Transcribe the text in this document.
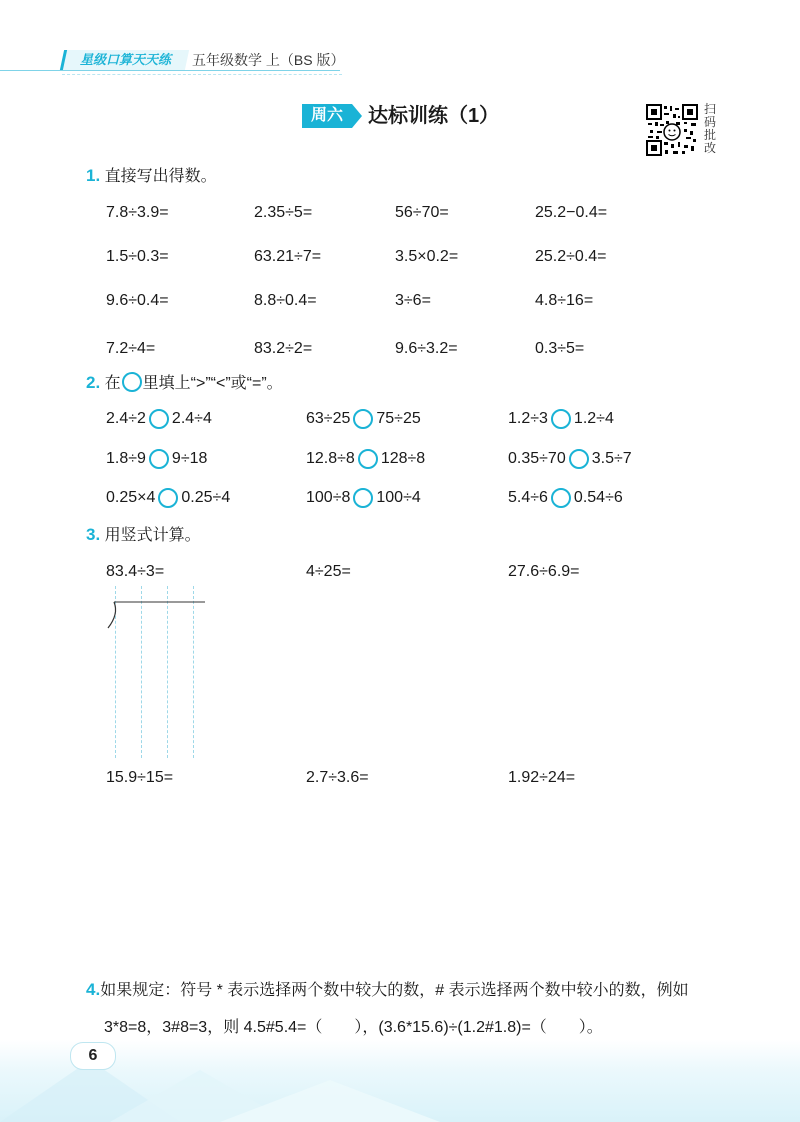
星级口算天天练	五年级数学 上（BS 版）
周六	达标训练（1）	扫
码
批
改
1. 直接写出得数。
7.8÷3.9=	2.35÷5=	56÷70=	25.2−0.4=
1.5÷0.3=	63.21÷7=	3.5×0.2=	25.2÷0.4=
9.6÷0.4=	8.8÷0.4=	3÷6=	4.8÷16=
7.2÷4=	83.2÷2=	9.6÷3.2=	0.3÷5=
2. 在 里填上“>”“<”或“=”。
2.4÷2 2.4÷4	63÷25 75÷25	1.2÷3 1.2÷4
1.8÷9 9÷18	12.8÷8 128÷8	0.35÷70 3.5÷7
0.25×4 0.25÷4	100÷8 100÷4	5.4÷6 0.54÷6
3. 用竖式计算。
83.4÷3=	4÷25=	27.6÷6.9=
15.9÷15=	2.7÷3.6=	1.92÷24=
4.如果规定：符号 * 表示选择两个数中较大的数，# 表示选择两个数中较小的数，例如
3*8=8，3#8=3，则 4.5#5.4=（　　），(3.6*15.6)÷(1.2#1.8)=（　　）。
6
